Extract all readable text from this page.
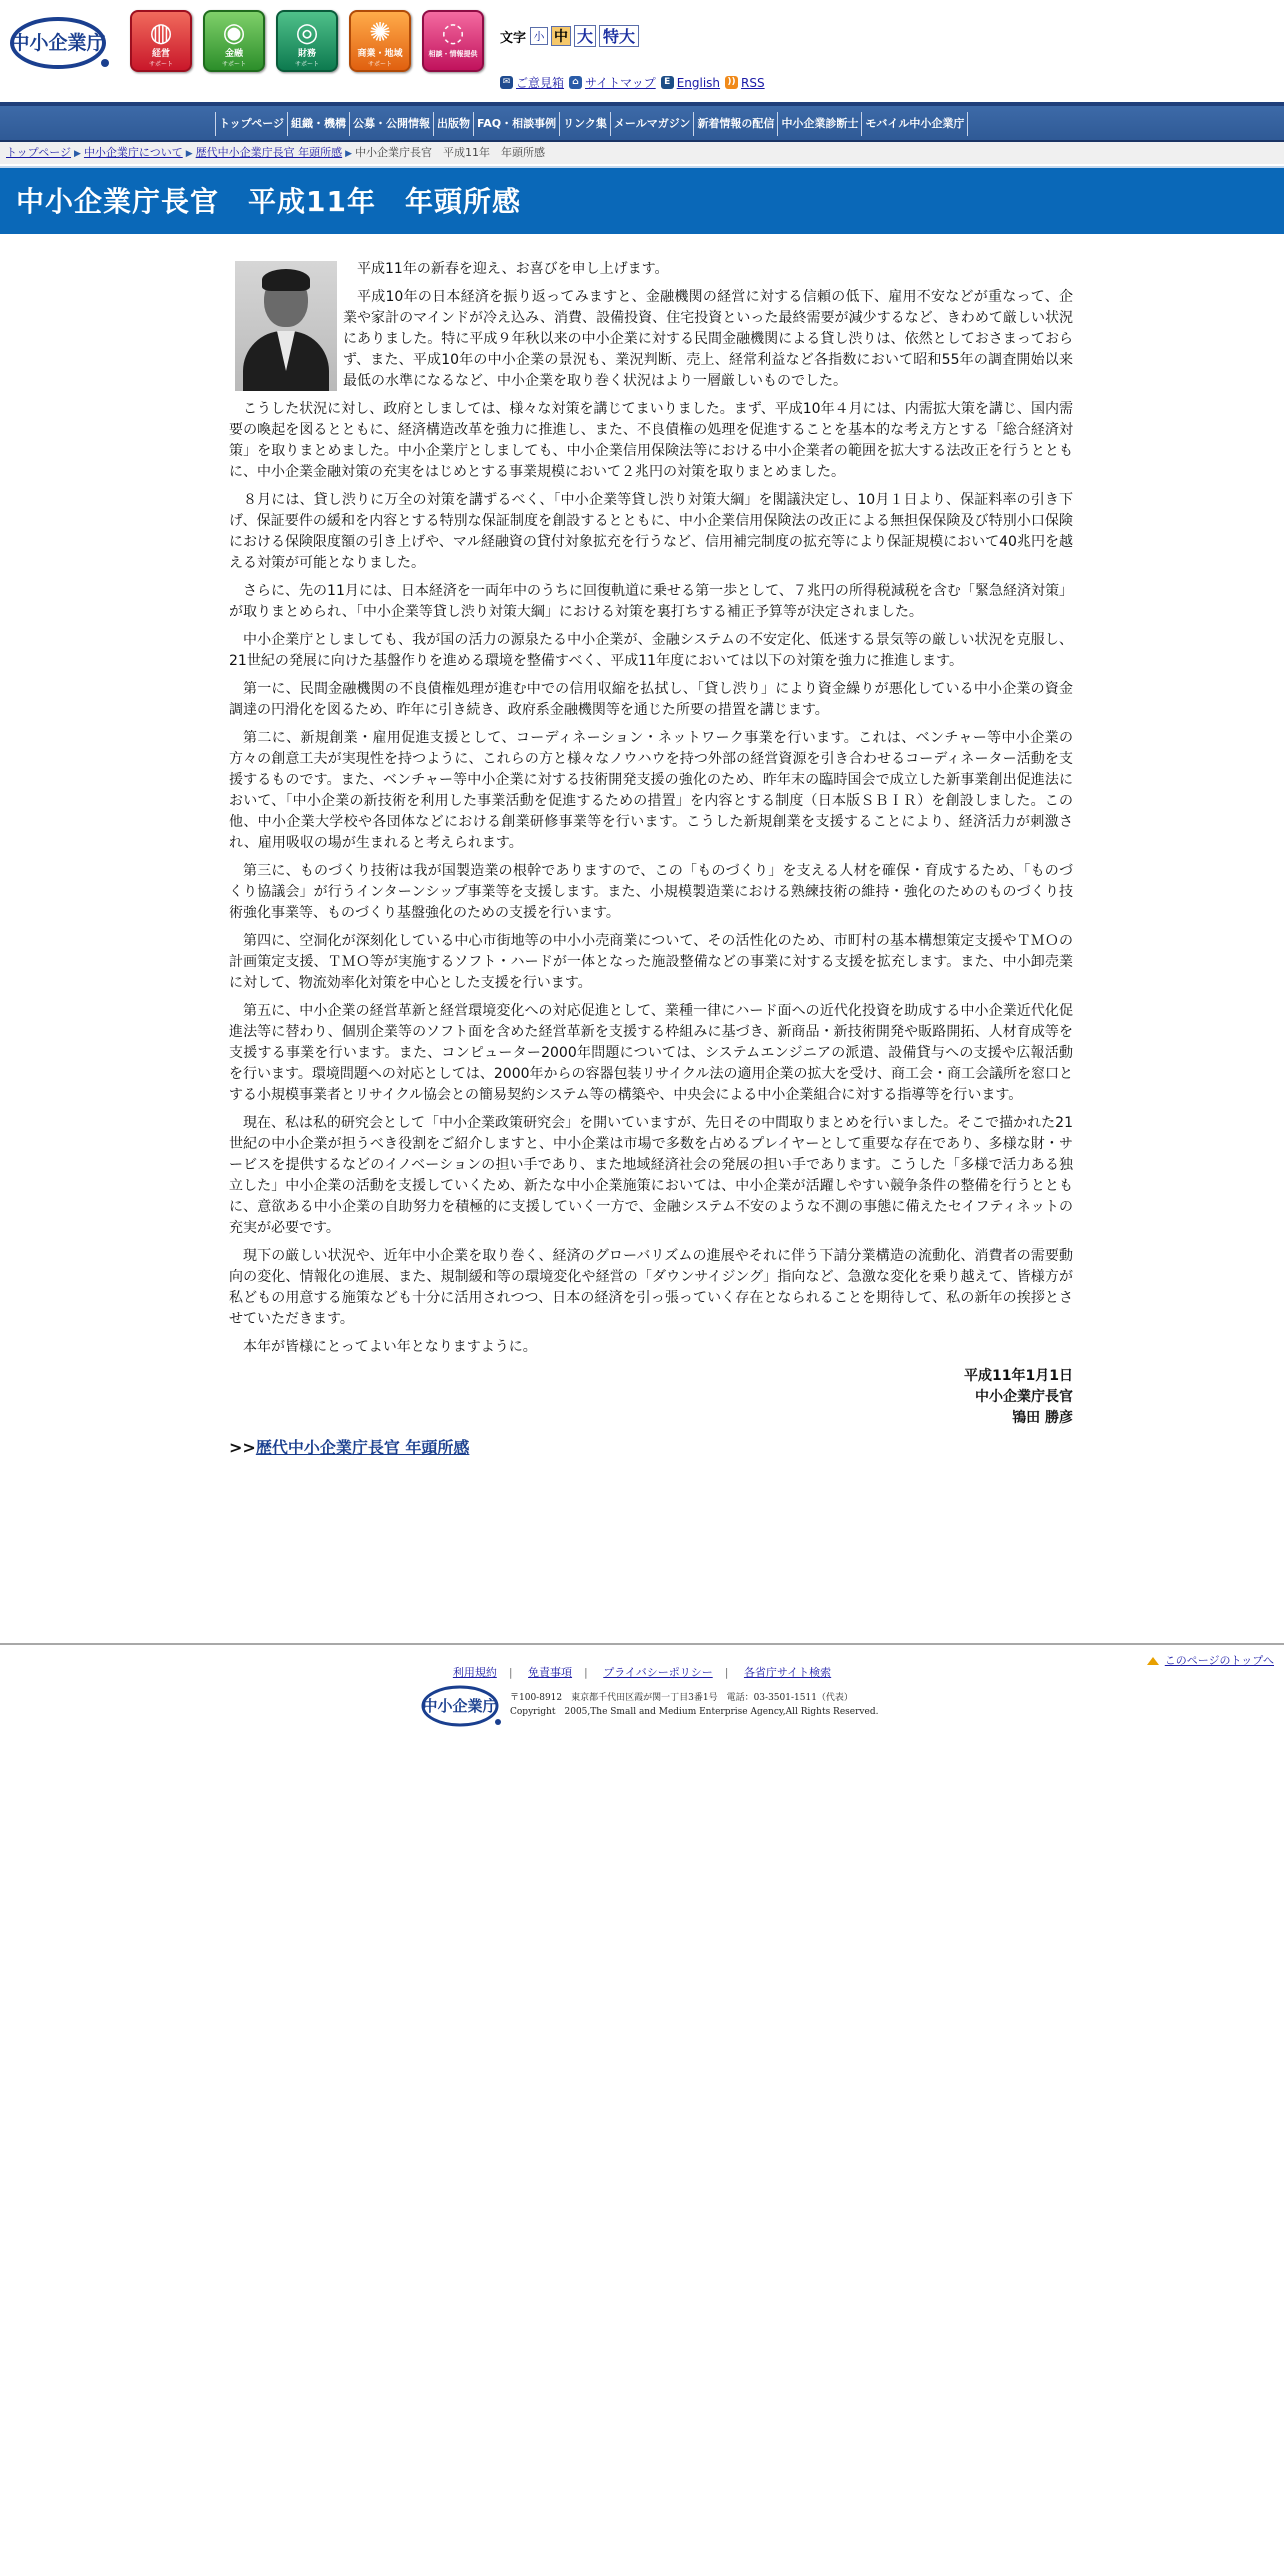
中小企業庁	◍
経営
サポート
◉
金融
サポート
◎
財務
サポート
✺
商業・地域
サポート
◌
相談・情報提供
文字 小 中 大 特大
✉ ご意見箱 ⌂ サイトマップ E English )) RSS
トップページ 組織・機構 公募・公開情報 出版物 FAQ・相談事例 リンク集 メールマガジン 新着情報の配信 中小企業診断士 モバイル中小企業庁
トップページ ▶ 中小企業庁について ▶ 歴代中小企業庁長官 年頭所感 ▶ 中小企業庁長官　平成11年　年頭所感
中小企業庁長官　平成11年　年頭所感

平成11年の新春を迎え、お喜びを申し上げます。

平成10年の日本経済を振り返ってみますと、金融機関の経営に対する信頼の低下、雇用不安などが重なって、企業や家計のマインドが冷え込み、消費、設備投資、住宅投資といった最終需要が減少するなど、きわめて厳しい状況にありました。特に平成９年秋以来の中小企業に対する民間金融機関による貸し渋りは、依然としておさまっておらず、また、平成10年の中小企業の景況も、業況判断、売上、経常利益など各指数において昭和55年の調査開始以来最低の水準になるなど、中小企業を取り巻く状況はより一層厳しいものでした。

こうした状況に対し、政府としましては、様々な対策を講じてまいりました。まず、平成10年４月には、内需拡大策を講じ、国内需要の喚起を図るとともに、経済構造改革を強力に推進し、また、不良債権の処理を促進することを基本的な考え方とする「総合経済対策」を取りまとめました。中小企業庁としましても、中小企業信用保険法等における中小企業者の範囲を拡大する法改正を行うとともに、中小企業金融対策の充実をはじめとする事業規模において２兆円の対策を取りまとめました。

８月には、貸し渋りに万全の対策を講ずるべく、「中小企業等貸し渋り対策大綱」を閣議決定し、10月１日より、保証料率の引き下げ、保証要件の緩和を内容とする特別な保証制度を創設するとともに、中小企業信用保険法の改正による無担保保険及び特別小口保険における保険限度額の引き上げや、マル経融資の貸付対象拡充を行うなど、信用補完制度の拡充等により保証規模において40兆円を越える対策が可能となりました。

さらに、先の11月には、日本経済を一両年中のうちに回復軌道に乗せる第一歩として、７兆円の所得税減税を含む「緊急経済対策」が取りまとめられ、「中小企業等貸し渋り対策大綱」における対策を裏打ちする補正予算等が決定されました。

中小企業庁としましても、我が国の活力の源泉たる中小企業が、金融システムの不安定化、低迷する景気等の厳しい状況を克服し、21世紀の発展に向けた基盤作りを進める環境を整備すべく、平成11年度においては以下の対策を強力に推進します。

第一に、民間金融機関の不良債権処理が進む中での信用収縮を払拭し、「貸し渋り」により資金繰りが悪化している中小企業の資金調達の円滑化を図るため、昨年に引き続き、政府系金融機関等を通じた所要の措置を講じます。

第二に、新規創業・雇用促進支援として、コーディネーション・ネットワーク事業を行います。これは、ベンチャー等中小企業の方々の創意工夫が実現性を持つように、これらの方と様々なノウハウを持つ外部の経営資源を引き合わせるコーディネーター活動を支援するものです。また、ベンチャー等中小企業に対する技術開発支援の強化のため、昨年末の臨時国会で成立した新事業創出促進法において、「中小企業の新技術を利用した事業活動を促進するための措置」を内容とする制度（日本版ＳＢＩＲ）を創設しました。この他、中小企業大学校や各団体などにおける創業研修事業等を行います。こうした新規創業を支援することにより、経済活力が刺激され、雇用吸収の場が生まれると考えられます。

第三に、ものづくり技術は我が国製造業の根幹でありますので、この「ものづくり」を支える人材を確保・育成するため、「ものづくり協議会」が行うインターンシップ事業等を支援します。また、小規模製造業における熟練技術の維持・強化のためのものづくり技術強化事業等、ものづくり基盤強化のための支援を行います。

第四に、空洞化が深刻化している中心市街地等の中小小売商業について、その活性化のため、市町村の基本構想策定支援やＴＭＯの計画策定支援、ＴＭＯ等が実施するソフト・ハードが一体となった施設整備などの事業に対する支援を拡充します。また、中小卸売業に対して、物流効率化対策を中心とした支援を行います。

第五に、中小企業の経営革新と経営環境変化への対応促進として、業種一律にハード面への近代化投資を助成する中小企業近代化促進法等に替わり、個別企業等のソフト面を含めた経営革新を支援する枠組みに基づき、新商品・新技術開発や販路開拓、人材育成等を支援する事業を行います。また、コンピューター2000年問題については、システムエンジニアの派遣、設備貸与への支援や広報活動を行います。環境問題への対応としては、2000年からの容器包装リサイクル法の適用企業の拡大を受け、商工会・商工会議所を窓口とする小規模事業者とリサイクル協会との簡易契約システム等の構築や、中央会による中小企業組合に対する指導等を行います。

現在、私は私的研究会として「中小企業政策研究会」を開いていますが、先日その中間取りまとめを行いました。そこで描かれた21世紀の中小企業が担うべき役割をご紹介しますと、中小企業は市場で多数を占めるプレイヤーとして重要な存在であり、多様な財・サービスを提供するなどのイノベーションの担い手であり、また地域経済社会の発展の担い手であります。こうした「多様で活力ある独立した」中小企業の活動を支援していくため、新たな中小企業施策においては、中小企業が活躍しやすい競争条件の整備を行うとともに、意欲ある中小企業の自助努力を積極的に支援していく一方で、金融システム不安のような不測の事態に備えたセイフティネットの充実が必要です。

現下の厳しい状況や、近年中小企業を取り巻く、経済のグローバリズムの進展やそれに伴う下請分業構造の流動化、消費者の需要動向の変化、情報化の進展、また、規制緩和等の環境変化や経営の「ダウンサイジング」指向など、急激な変化を乗り越えて、皆様方が私どもの用意する施策なども十分に活用されつつ、日本の経済を引っ張っていく存在となられることを期待して、私の新年の挨拶とさせていただきます。

本年が皆様にとってよい年となりますように。

平成11年1月1日
中小企業庁長官
鴇田 勝彦
>>歴代中小企業庁長官 年頭所感
このページのトップへ
利用規約 | 免責事項 | プライバシーポリシー | 各省庁サイト検索
中小企業庁 〒100-8912　東京都千代田区霞が関一丁目3番1号　電話：03-3501-1511（代表）
Copyright　2005,The Small and Medium Enterprise Agency,All Rights Reserved.
